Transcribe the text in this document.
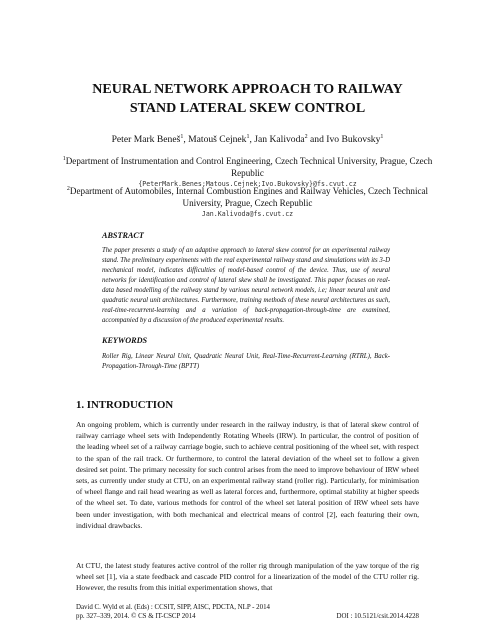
NEURAL NETWORK APPROACH TO RAILWAY
STAND LATERAL SKEW CONTROL
Peter Mark Beneš$^1$, Matouš Cejnek$^1$, Jan Kalivoda$^2$ and Ivo Bukovsky$^1$
$^1$Department of Instrumentation and Control Engineering, Czech Technical University, Prague, Czech Republic
{PeterMark.Benes;Matous.Cejnek;Ivo.Bukovsky}@fs.cvut.cz
$^2$Department of Automobiles, Internal Combustion Engines and Railway Vehicles, Czech Technical University, Prague, Czech Republic
Jan.Kalivoda@fs.cvut.cz
ABSTRACT
The paper presents a study of an adaptive approach to lateral skew control for an experimental railway stand. The preliminary experiments with the real experimental railway stand and simulations with its 3-D mechanical model, indicates difficulties of model-based control of the device. Thus, use of neural networks for identification and control of lateral skew shall be investigated. This paper focuses on real-data based modelling of the railway stand by various neural network models, i.e; linear neural unit and quadratic neural unit architectures. Furthermore, training methods of these neural architectures as such, real-time-recurrent-learning and a variation of back-propagation-through-time are examined, accompanied by a discussion of the produced experimental results.
KEYWORDS
Roller Rig, Linear Neural Unit, Quadratic Neural Unit, Real-Time-Recurrent-Learning (RTRL), Back-Propagation-Through-Time (BPTT)
1. INTRODUCTION
An ongoing problem, which is currently under research in the railway industry, is that of lateral skew control of railway carriage wheel sets with Independently Rotating Wheels (IRW). In particular, the control of position of the leading wheel set of a railway carriage bogie, such to achieve central positioning of the wheel set, with respect to the span of the rail track. Or furthermore, to control the lateral deviation of the wheel set to follow a given desired set point. The primary necessity for such control arises from the need to improve behaviour of IRW wheel sets, as currently under study at CTU, on an experimental railway stand (roller rig). Particularly, for minimisation of wheel flange and rail head wearing as well as lateral forces and, furthermore, optimal stability at higher speeds of the wheel set. To date, various methods for control of the wheel set lateral position of IRW wheel sets have been under investigation, with both mechanical and electrical means of control [2], each featuring their own, individual drawbacks.
At CTU, the latest study features active control of the roller rig through manipulation of the yaw torque of the rig wheel set [1], via a state feedback and cascade PID control for a linearization of the model of the CTU roller rig. However, the results from this initial experimentation shows, that
David C. Wyld et al. (Eds) : CCSIT, SIPP, AISC, PDCTA, NLP - 2014
pp. 327–339, 2014. © CS & IT-CSCP 2014	DOI : 10.5121/csit.2014.4228
